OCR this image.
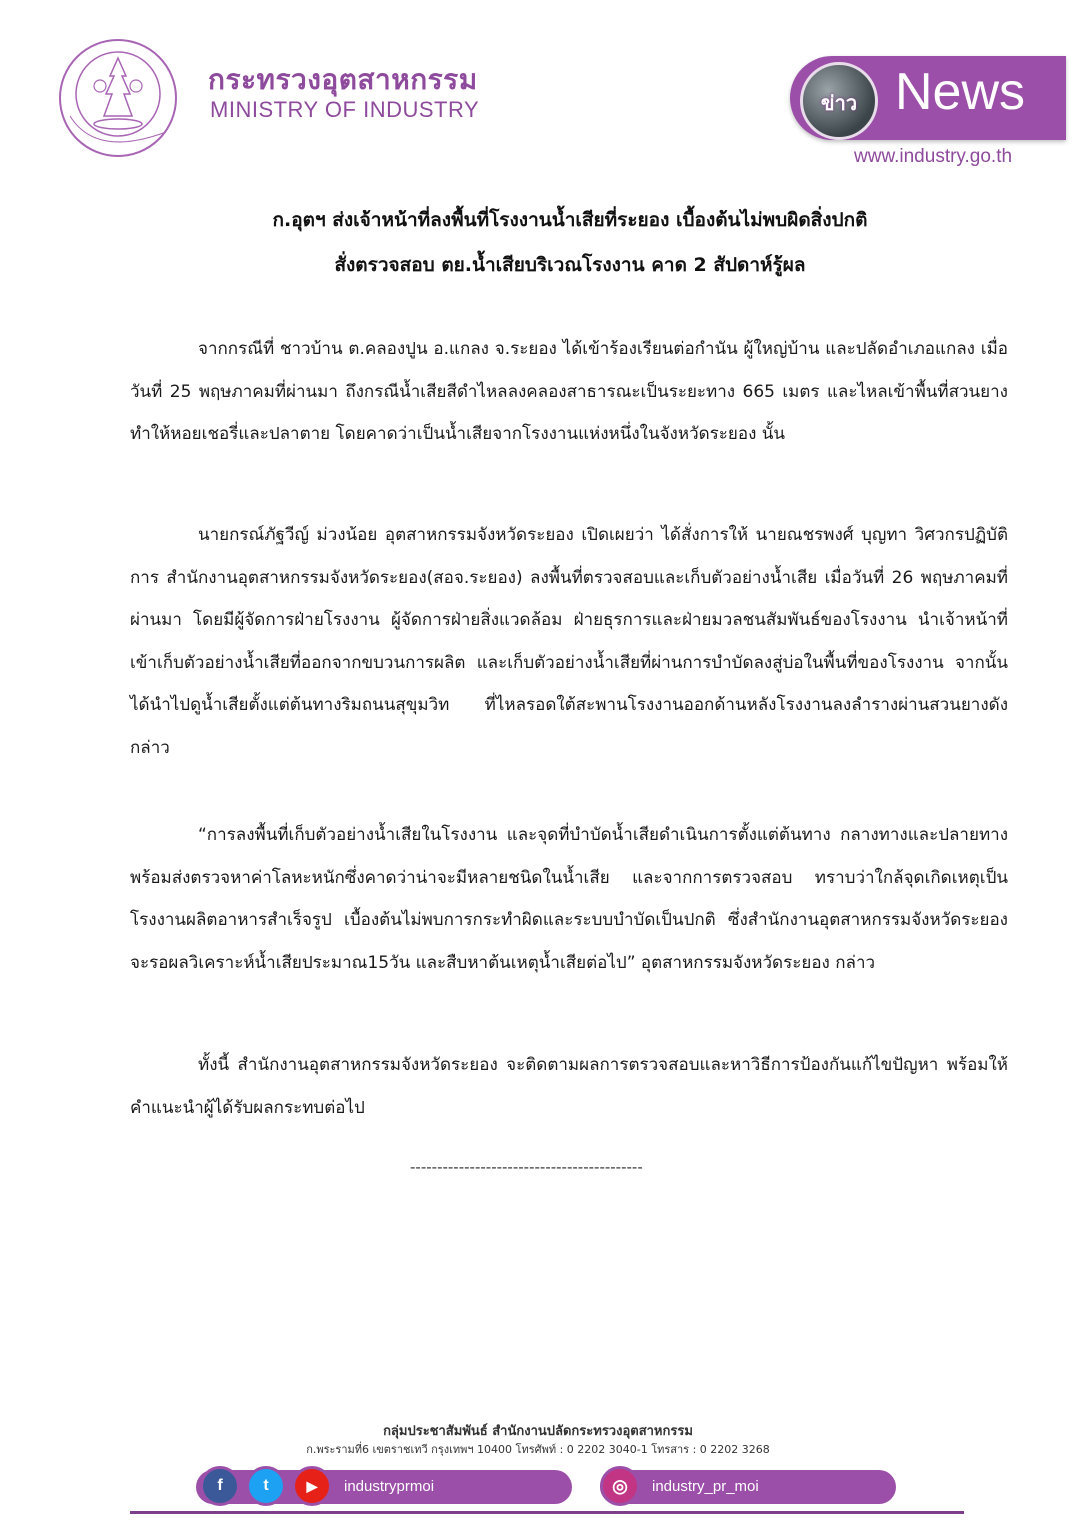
กระทรวงอุตสาหกรรม
MINISTRY OF INDUSTRY	ข่าว News
www.industry.go.th
ก.อุตฯ ส่งเจ้าหน้าที่ลงพื้นที่โรงงานน้ำเสียที่ระยอง เบื้องต้นไม่พบผิดสิ่งปกติ
สั่งตรวจสอบ ตย.น้ำเสียบริเวณโรงงาน คาด 2 สัปดาห์รู้ผล
จากกรณีที่ ชาวบ้าน ต.คลองปูน อ.แกลง จ.ระยอง ได้เข้าร้องเรียนต่อกำนัน ผู้ใหญ่บ้าน และปลัดอำเภอแกลง เมื่อวันที่ 25 พฤษภาคมที่ผ่านมา ถึงกรณีน้ำเสียสีดำไหลลงคลองสาธารณะเป็นระยะทาง 665 เมตร และไหลเข้าพื้นที่สวนยาง ทำให้หอยเชอรี่และปลาตาย โดยคาดว่าเป็นน้ำเสียจากโรงงานแห่งหนึ่งในจังหวัดระยอง นั้น
นายกรณ์ภัฐวีญ์ ม่วงน้อย อุตสาหกรรมจังหวัดระยอง เปิดเผยว่า ได้สั่งการให้ นายณชรพงศ์ บุญทา วิศวกรปฏิบัติการ สำนักงานอุตสาหกรรมจังหวัดระยอง(สอจ.ระยอง) ลงพื้นที่ตรวจสอบและเก็บตัวอย่างน้ำเสีย เมื่อวันที่ 26 พฤษภาคมที่ผ่านมา โดยมีผู้จัดการฝ่ายโรงงาน ผู้จัดการฝ่ายสิ่งแวดล้อม ฝ่ายธุรการและฝ่ายมวลชนสัมพันธ์ของโรงงาน นำเจ้าหน้าที่เข้าเก็บตัวอย่างน้ำเสียที่ออกจากขบวนการผลิต และเก็บตัวอย่างน้ำเสียที่ผ่านการบำบัดลงสู่บ่อในพื้นที่ของโรงงาน จากนั้นได้นำไปดูน้ำเสียตั้งแต่ต้นทางริมถนนสุขุมวิท ที่ไหลรอดใต้สะพานโรงงานออกด้านหลังโรงงานลงลำรางผ่านสวนยางดังกล่าว
“การลงพื้นที่เก็บตัวอย่างน้ำเสียในโรงงาน และจุดที่บำบัดน้ำเสียดำเนินการตั้งแต่ต้นทาง กลางทางและปลายทาง พร้อมส่งตรวจหาค่าโลหะหนักซึ่งคาดว่าน่าจะมีหลายชนิดในน้ำเสีย และจากการตรวจสอบ ทราบว่าใกล้จุดเกิดเหตุเป็นโรงงานผลิตอาหารสำเร็จรูป เบื้องต้นไม่พบการกระทำผิดและระบบบำบัดเป็นปกติ ซึ่งสำนักงานอุตสาหกรรมจังหวัดระยอง จะรอผลวิเคราะห์น้ำเสียประมาณ15วัน และสืบหาต้นเหตุน้ำเสียต่อไป” อุตสาหกรรมจังหวัดระยอง กล่าว
ทั้งนี้ สำนักงานอุตสาหกรรมจังหวัดระยอง จะติดตามผลการตรวจสอบและหาวิธีการป้องกันแก้ไขปัญหา พร้อมให้คำแนะนำผู้ได้รับผลกระทบต่อไป
-------------------------------------------
กลุ่มประชาสัมพันธ์ สำนักงานปลัดกระทรวงอุตสาหกรรม
ก.พระรามที่6 เขตราชเทวี กรุงเทพฯ 10400 โทรศัพท์ : 0 2202 3040-1 โทรสาร : 0 2202 3268
f	t	▶ industryprmoi	◎ industry_pr_moi
